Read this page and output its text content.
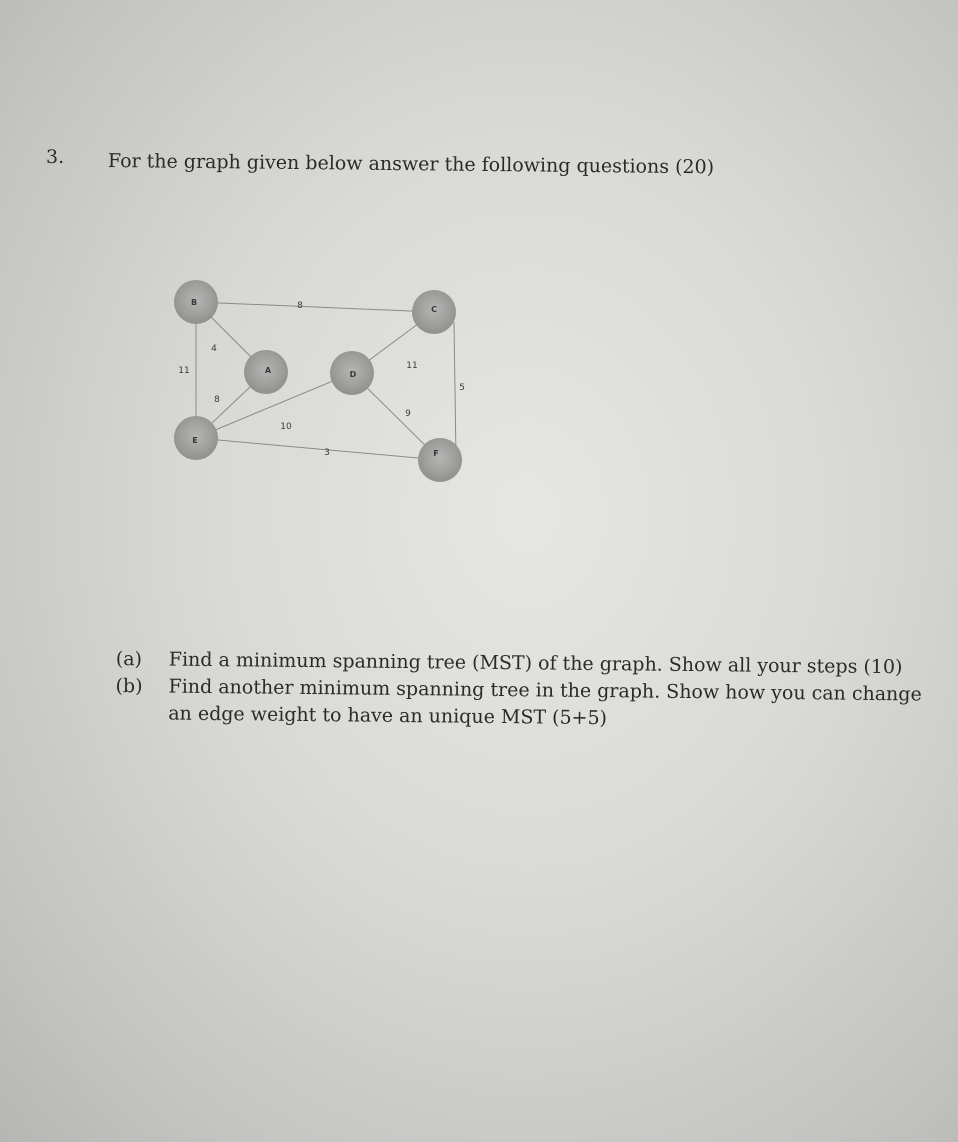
3. For the graph given below answer the following questions (20)
B
C
A	D
E
F
8
4
11
8
10
3
11
9
5
(a)	Find a minimum spanning tree (MST) of the graph. Show all your steps (10)
(b)	Find another minimum spanning tree in the graph. Show how you can change
an edge weight to have an unique MST (5+5)
